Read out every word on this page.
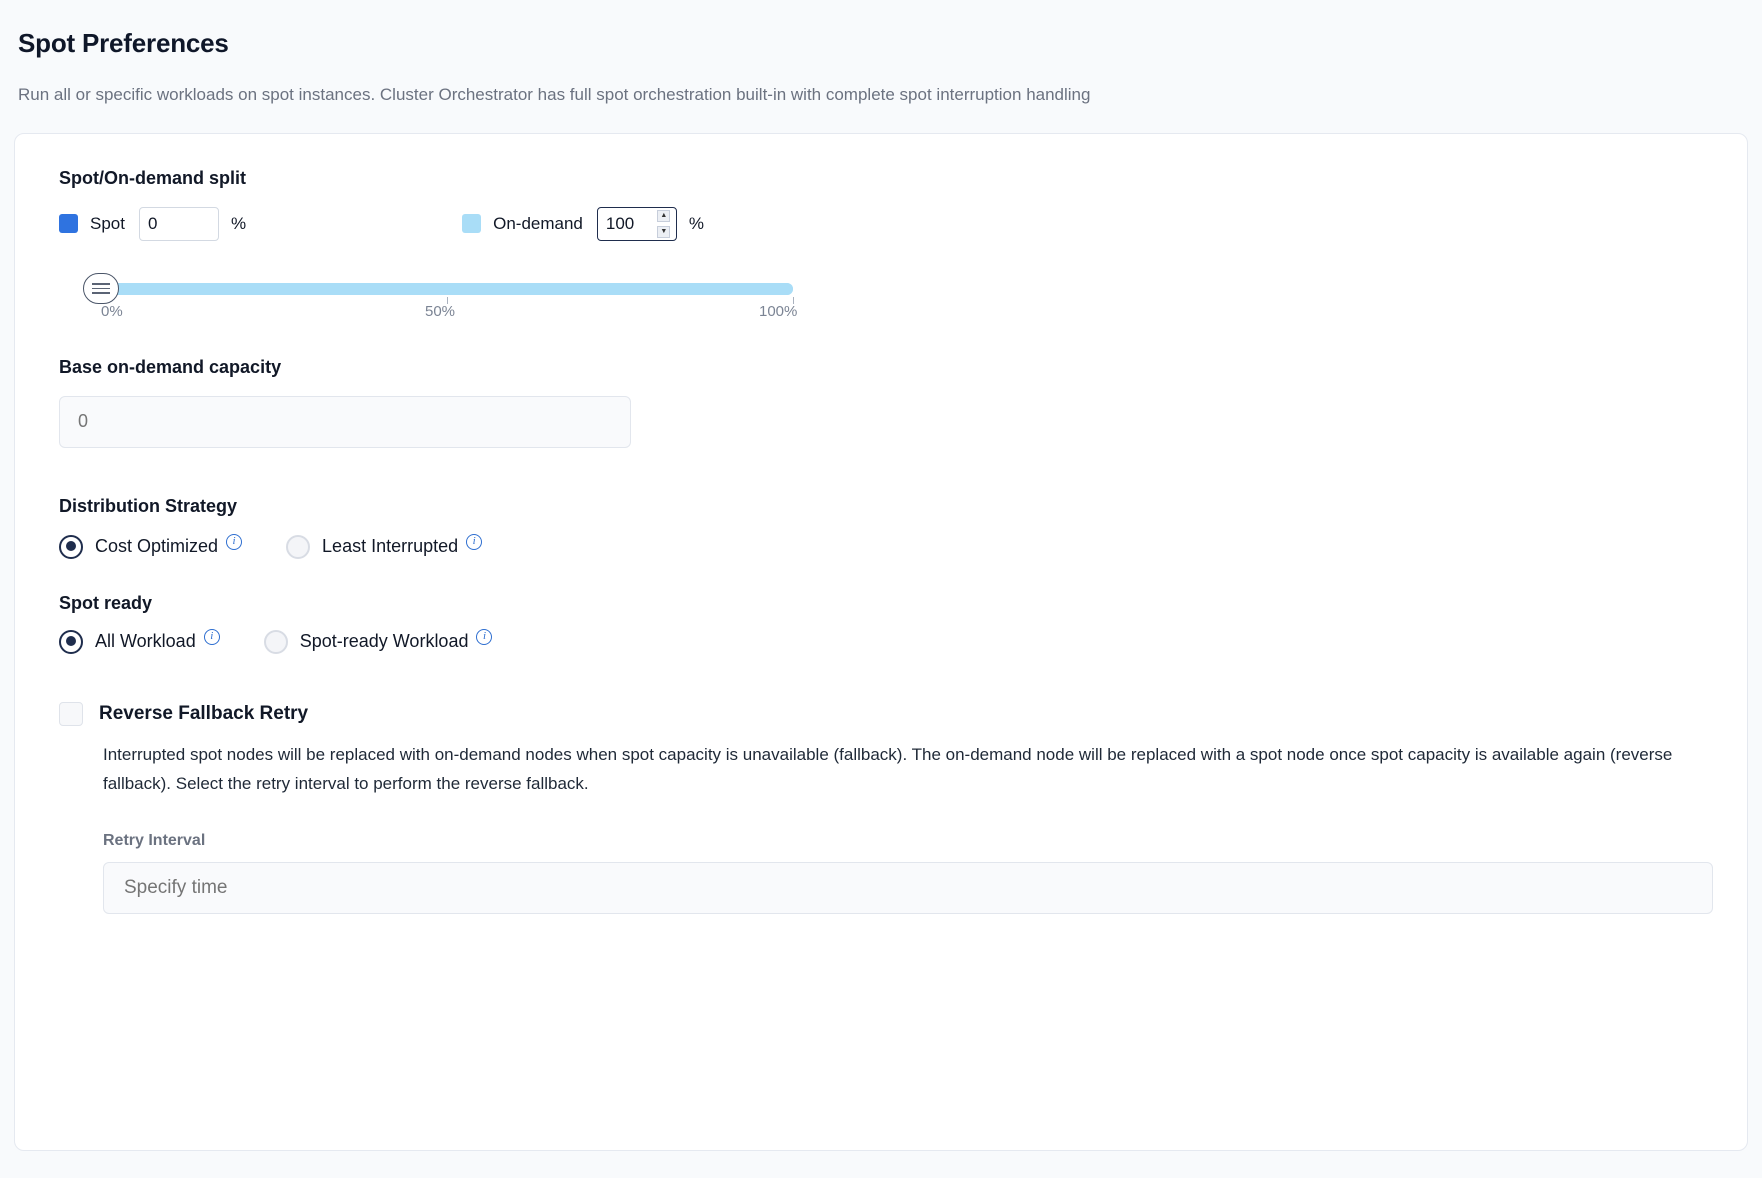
Spot Preferences

Run all or specific workloads on spot instances. Cluster Orchestrator has full spot orchestration built-in with complete spot interruption handling

Spot/On-demand split
Spot
0	%	On-demand
100	▲
▼ %
0%	50%	100%
Base on-demand capacity
0
Distribution Strategy
Cost Optimized	i	Least Interrupted	i
Spot ready
All Workload	i	Spot-ready Workload	i
Reverse Fallback Retry

Interrupted spot nodes will be replaced with on-demand nodes when spot capacity is unavailable (fallback). The on-demand node will be replaced with a spot node once spot capacity is available again (reverse fallback). Select the retry interval to perform the reverse fallback.

Retry Interval
Specify time
